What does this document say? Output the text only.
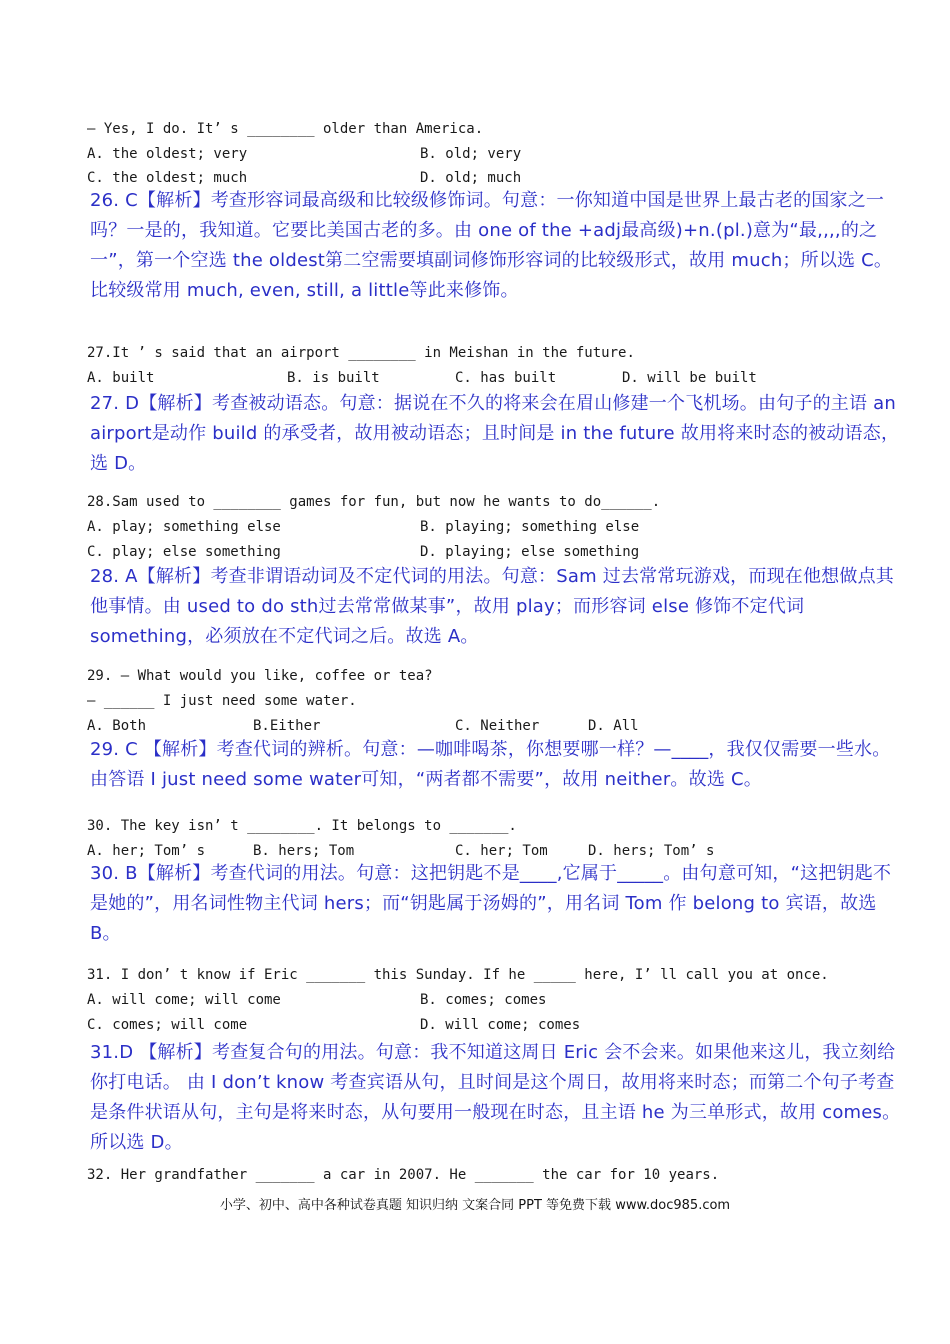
— Yes, I do. It’ s ________ older than America.
A. the oldest; very	B. old; very
C. the oldest; much	D. old; much
26. C【解析】考查形容词最高级和比较级修饰词。句意：一你知道中国是世界上最古老的国家之一吗？一是的，我知道。它要比美国古老的多。由 one of the +adj最高级)+n.(pl.)意为“最,,,,的之一”，第一个空选 the oldest第二空需要填副词修饰形容词的比较级形式，故用 much；所以选 C。比较级常用 much, even, still, a little等此来修饰。
27.It ’ s said that an airport ________ in Meishan in the future.
A. built	B. is built	C. has built	D. will be built
27. D【解析】考查被动语态。句意：据说在不久的将来会在眉山修建一个飞机场。由句子的主语 an airport是动作 build 的承受者，故用被动语态；且时间是 in the future 故用将来时态的被动语态，选 D。
28.Sam used to ________ games for fun, but now he wants to do______.
A. play; something else	B. playing; something else
C. play; else something	D. playing; else something
28. A【解析】考查非谓语动词及不定代词的用法。句意：Sam 过去常常玩游戏，而现在他想做点其他事情。由 used to do sth过去常常做某事”，故用 play；而形容词 else 修饰不定代词 something，必须放在不定代词之后。故选 A。
29. — What would you like, coffee or tea?
— ______ I just need some water.
A. Both	B.Either	C. Neither	D. All
29. C 【解析】考查代词的辨析。句意：—咖啡喝茶，你想要哪一样？—____，我仅仅需要一些水。由答语 I just need some water可知，“两者都不需要”，故用 neither。故选 C。
30. The key isn’ t ________. It belongs to _______.
A. her; Tom’ s	B. hers; Tom	C. her; Tom	D. hers; Tom’ s
30. B【解析】考查代词的用法。句意：这把钥匙不是____,它属于_____。由句意可知，“这把钥匙不是她的”，用名词性物主代词 hers；而“钥匙属于汤姆的”，用名词 Tom 作 belong to 宾语，故选 B。
31. I don’ t know if Eric _______ this Sunday. If he _____ here, I’ ll call you at once.
A. will come; will come	B. comes; comes
C. comes; will come	D. will come; comes
31.D 【解析】考查复合句的用法。句意：我不知道这周日 Eric 会不会来。如果他来这儿，我立刻给你打电话。 由 I don’t know 考查宾语从句，且时间是这个周日，故用将来时态；而第二个句子考查是条件状语从句，主句是将来时态，从句要用一般现在时态，且主语 he 为三单形式，故用 comes。所以选 D。
32. Her grandfather _______ a car in 2007. He _______ the car for 10 years.
小学、初中、高中各种试卷真题 知识归纳 文案合同 PPT 等免费下载 www.doc985.com
